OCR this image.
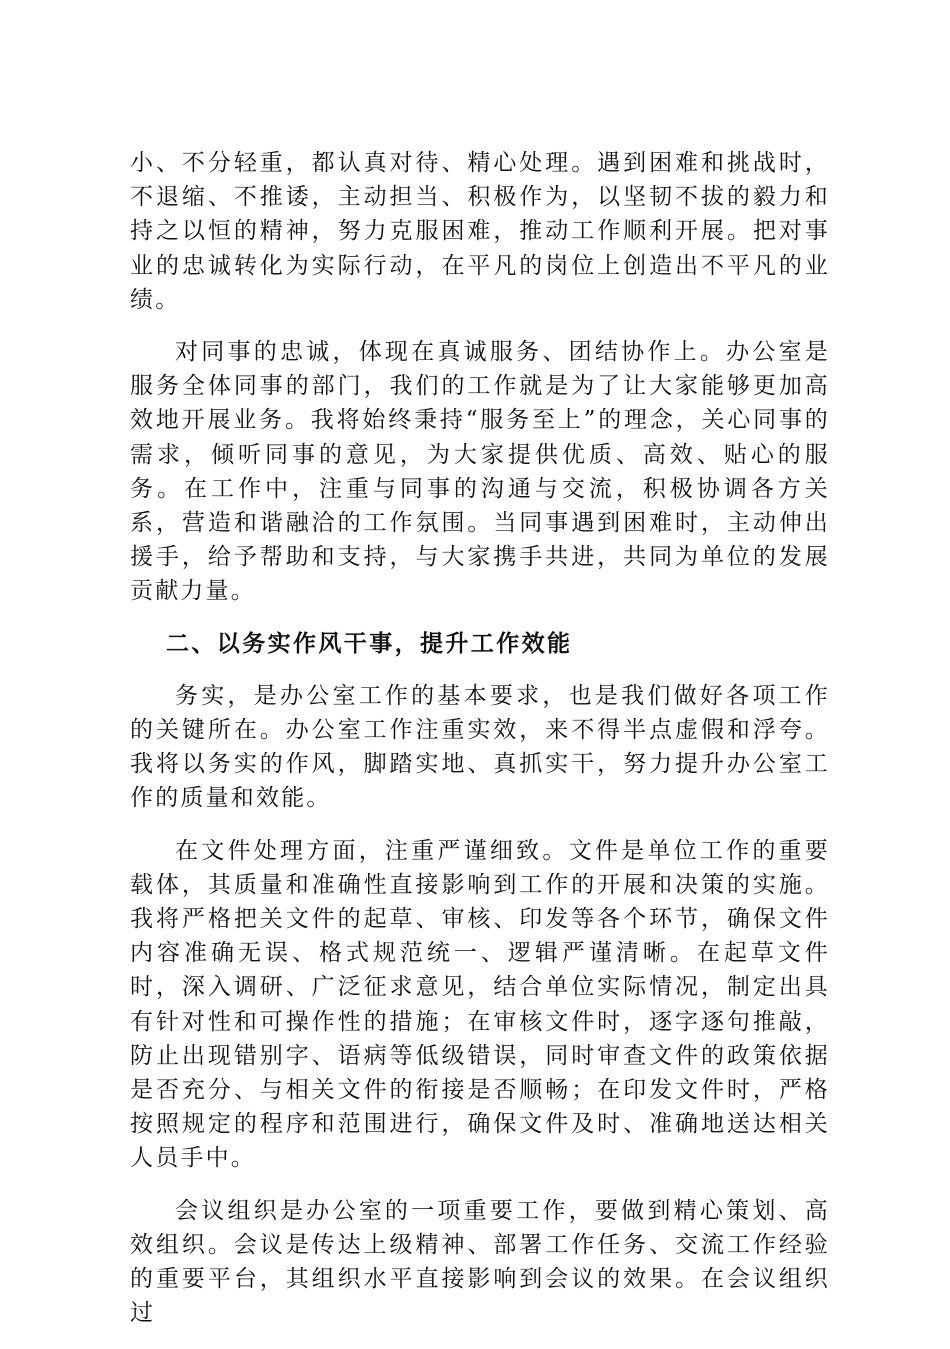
小、不分轻重，都认真对待、精心处理。遇到困难和挑战时，不退缩、不推诿，主动担当、积极作为，以坚韧不拔的毅力和持之以恒的精神，努力克服困难，推动工作顺利开展。把对事业的忠诚转化为实际行动，在平凡的岗位上创造出不平凡的业绩。

对同事的忠诚，体现在真诚服务、团结协作上。办公室是服务全体同事的部门，我们的工作就是为了让大家能够更加高效地开展业务。我将始终秉持“服务至上”的理念，关心同事的需求，倾听同事的意见，为大家提供优质、高效、贴心的服务。在工作中，注重与同事的沟通与交流，积极协调各方关系，营造和谐融洽的工作氛围。当同事遇到困难时，主动伸出援手，给予帮助和支持，与大家携手共进，共同为单位的发展贡献力量。

二、以务实作风干事，提升工作效能

务实，是办公室工作的基本要求，也是我们做好各项工作的关键所在。办公室工作注重实效，来不得半点虚假和浮夸。我将以务实的作风，脚踏实地、真抓实干，努力提升办公室工作的质量和效能。

在文件处理方面，注重严谨细致。文件是单位工作的重要载体，其质量和准确性直接影响到工作的开展和决策的实施。我将严格把关文件的起草、审核、印发等各个环节，确保文件内容准确无误、格式规范统一、逻辑严谨清晰。在起草文件时，深入调研、广泛征求意见，结合单位实际情况，制定出具有针对性和可操作性的措施；在审核文件时，逐字逐句推敲，防止出现错别字、语病等低级错误，同时审查文件的政策依据是否充分、与相关文件的衔接是否顺畅；在印发文件时，严格按照规定的程序和范围进行，确保文件及时、准确地送达相关人员手中。

会议组织是办公室的一项重要工作，要做到精心策划、高效组织。会议是传达上级精神、部署工作任务、交流工作经验的重要平台，其组织水平直接影响到会议的效果。在会议组织过
